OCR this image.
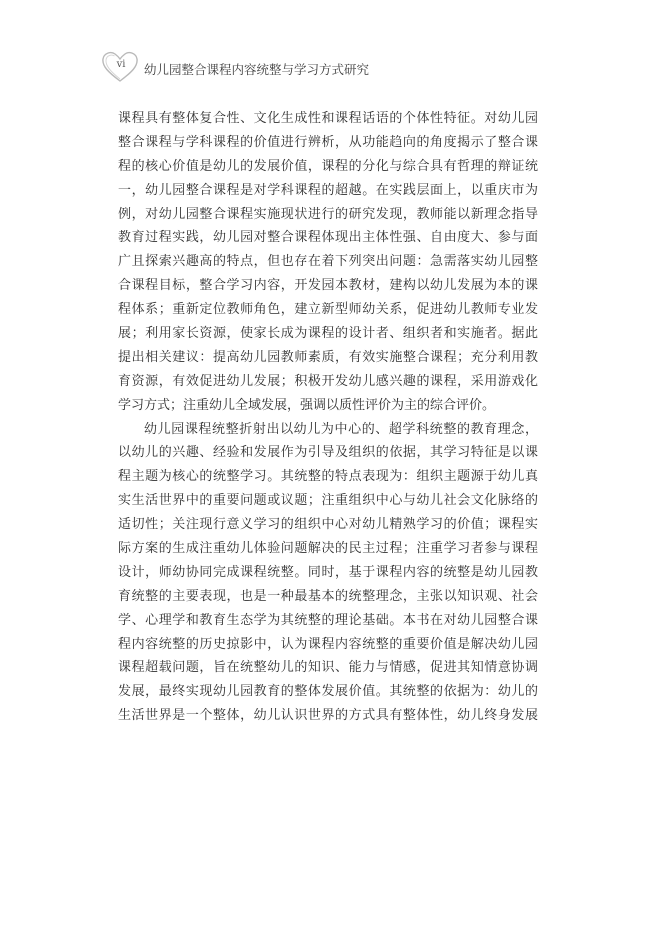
vi	幼儿园整合课程内容统整与学习方式研究
课程具有整体复合性、文化生成性和课程话语的个体性特征。对幼儿园
整合课程与学科课程的价值进行辨析，从功能趋向的角度揭示了整合课
程的核心价值是幼儿的发展价值，课程的分化与综合具有哲理的辩证统
一，幼儿园整合课程是对学科课程的超越。在实践层面上，以重庆市为
例，对幼儿园整合课程实施现状进行的研究发现，教师能以新理念指导
教育过程实践，幼儿园对整合课程体现出主体性强、自由度大、参与面
广且探索兴趣高的特点，但也存在着下列突出问题：急需落实幼儿园整
合课程目标，整合学习内容，开发园本教材，建构以幼儿发展为本的课
程体系；重新定位教师角色，建立新型师幼关系，促进幼儿教师专业发
展；利用家长资源，使家长成为课程的设计者、组织者和实施者。据此
提出相关建议：提高幼儿园教师素质，有效实施整合课程；充分利用教
育资源，有效促进幼儿发展；积极开发幼儿感兴趣的课程，采用游戏化
学习方式；注重幼儿全域发展，强调以质性评价为主的综合评价。
幼儿园课程统整折射出以幼儿为中心的、超学科统整的教育理念，
以幼儿的兴趣、经验和发展作为引导及组织的依据，其学习特征是以课
程主题为核心的统整学习。其统整的特点表现为：组织主题源于幼儿真
实生活世界中的重要问题或议题；注重组织中心与幼儿社会文化脉络的
适切性；关注现行意义学习的组织中心对幼儿精熟学习的价值；课程实
际方案的生成注重幼儿体验问题解决的民主过程；注重学习者参与课程
设计，师幼协同完成课程统整。同时，基于课程内容的统整是幼儿园教
育统整的主要表现，也是一种最基本的统整理念，主张以知识观、社会
学、心理学和教育生态学为其统整的理论基础。本书在对幼儿园整合课
程内容统整的历史掠影中，认为课程内容统整的重要价值是解决幼儿园
课程超载问题，旨在统整幼儿的知识、能力与情感，促进其知情意协调
发展，最终实现幼儿园教育的整体发展价值。其统整的依据为：幼儿的
生活世界是一个整体，幼儿认识世界的方式具有整体性，幼儿终身发展
